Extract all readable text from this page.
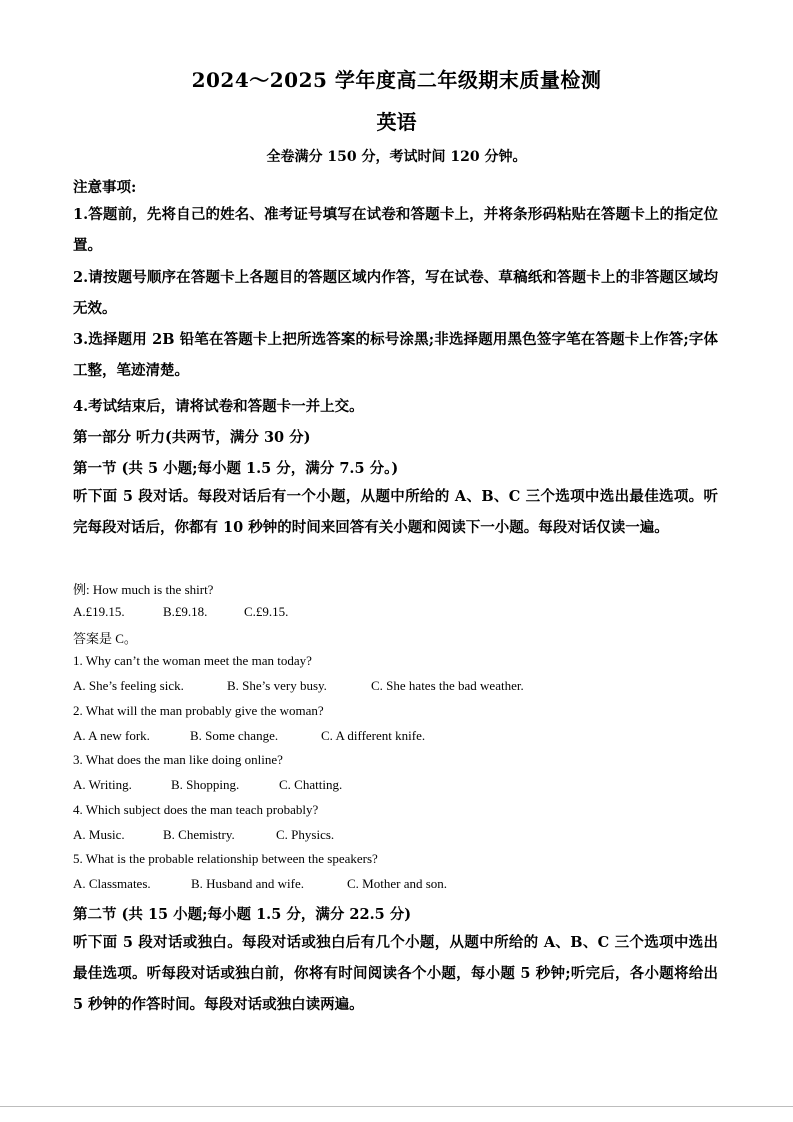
2024～2025 学年度高二年级期末质量检测
英语
全卷满分 150 分，考试时间 120 分钟。
注意事项:
1.答题前，先将自己的姓名、准考证号填写在试卷和答题卡上，并将条形码粘贴在答题卡上的指定位置。
2.请按题号顺序在答题卡上各题目的答题区域内作答，写在试卷、草稿纸和答题卡上的非答题区域均无效。
3.选择题用 2B 铅笔在答题卡上把所选答案的标号涂黑;非选择题用黑色签字笔在答题卡上作答;字体工整，笔迹清楚。
4.考试结束后，请将试卷和答题卡一并上交。
第一部分 听力(共两节，满分 30 分)
第一节 (共 5 小题;每小题 1.5 分，满分 7.5 分。)
听下面 5 段对话。每段对话后有一个小题，从题中所给的 A、B、C 三个选项中选出最佳选项。听完每段对话后，你都有 10 秒钟的时间来回答有关小题和阅读下一小题。每段对话仅读一遍。
例: How much is the shirt?
A.£19.15.	B.£9.18.	C.£9.15.
答案是 C。
1. Why can’t the woman meet the man today?
A. She’s feeling sick.	B. She’s very busy.	C. She hates the bad weather.
2. What will the man probably give the woman?
A. A new fork.	B. Some change.	C. A different knife.
3. What does the man like doing online?
A. Writing.	B. Shopping.	C. Chatting.
4. Which subject does the man teach probably?
A. Music.	B. Chemistry.	C. Physics.
5. What is the probable relationship between the speakers?
A. Classmates.	B. Husband and wife.	C. Mother and son.
第二节 (共 15 小题;每小题 1.5 分，满分 22.5 分)
听下面 5 段对话或独白。每段对话或独白后有几个小题，从题中所给的 A、B、C 三个选项中选出最佳选项。听每段对话或独白前，你将有时间阅读各个小题，每小题 5 秒钟;听完后，各小题将给出 5 秒钟的作答时间。每段对话或独白读两遍。
